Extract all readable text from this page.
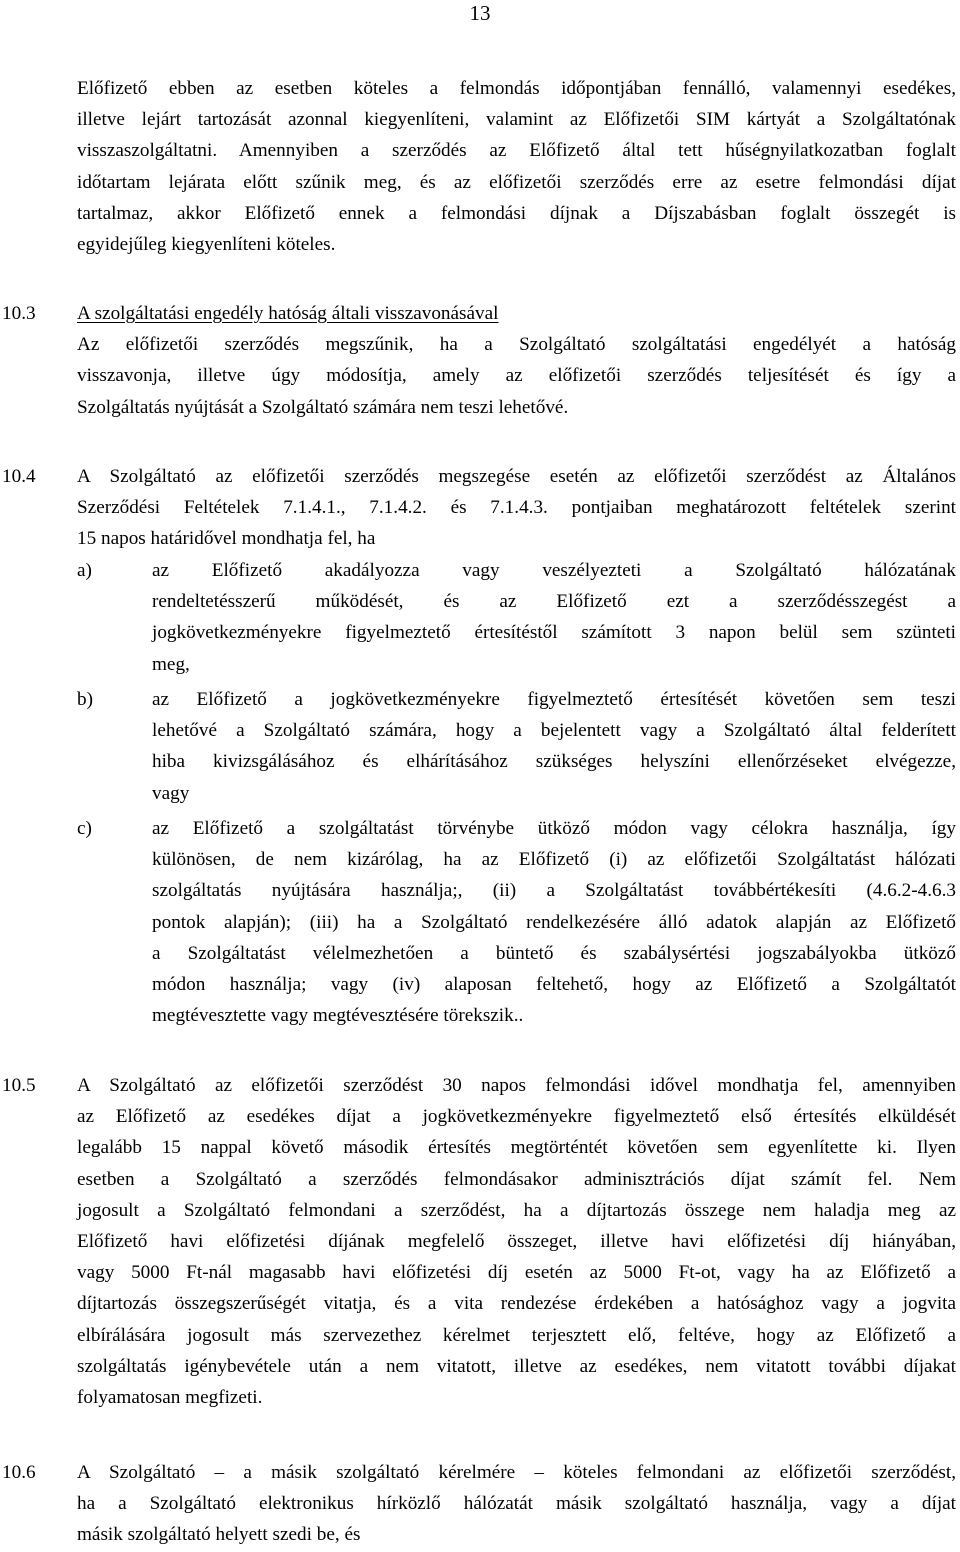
13
Előfizető ebben az esetben köteles a felmondás időpontjában fennálló, valamennyi esedékes,
illetve lejárt tartozását azonnal kiegyenlíteni, valamint az Előfizetői SIM kártyát a Szolgáltatónak
visszaszolgáltatni. Amennyiben a szerződés az Előfizető által tett hűségnyilatkozatban foglalt
időtartam lejárata előtt szűnik meg, és az előfizetői szerződés erre az esetre felmondási díjat
tartalmaz, akkor Előfizető ennek a felmondási díjnak a Díjszabásban foglalt összegét is
egyidejűleg kiegyenlíteni köteles.
10.3 A szolgáltatási engedély hatóság általi visszavonásával
Az előfizetői szerződés megszűnik, ha a Szolgáltató szolgáltatási engedélyét a hatóság
visszavonja, illetve úgy módosítja, amely az előfizetői szerződés teljesítését és így a
Szolgáltatás nyújtását a Szolgáltató számára nem teszi lehetővé.
10.4 A Szolgáltató az előfizetői szerződés megszegése esetén az előfizetői szerződést az Általános
Szerződési Feltételek 7.1.4.1., 7.1.4.2. és 7.1.4.3. pontjaiban meghatározott feltételek szerint
15 napos határidővel mondhatja fel, ha
a)	az Előfizető akadályozza vagy veszélyezteti a Szolgáltató hálózatának
rendeltetésszerű működését, és az Előfizető ezt a szerződésszegést a
jogkövetkezményekre figyelmeztető értesítéstől számított 3 napon belül sem szünteti
meg,
b)	az Előfizető a jogkövetkezményekre figyelmeztető értesítését követően sem teszi
lehetővé a Szolgáltató számára, hogy a bejelentett vagy a Szolgáltató által felderített
hiba kivizsgálásához és elhárításához szükséges helyszíni ellenőrzéseket elvégezze,
vagy
c)	az Előfizető a szolgáltatást törvénybe ütköző módon vagy célokra használja, így
különösen, de nem kizárólag, ha az Előfizető (i) az előfizetői Szolgáltatást hálózati
szolgáltatás nyújtására használja;, (ii) a Szolgáltatást továbbértékesíti (4.6.2-4.6.3
pontok alapján); (iii) ha a Szolgáltató rendelkezésére álló adatok alapján az Előfizető
a Szolgáltatást vélelmezhetően a büntető és szabálysértési jogszabályokba ütköző
módon használja; vagy (iv) alaposan feltehető, hogy az Előfizető a Szolgáltatót
megtévesztette vagy megtévesztésére törekszik..
10.5 A Szolgáltató az előfizetői szerződést 30 napos felmondási idővel mondhatja fel, amennyiben
az Előfizető az esedékes díjat a jogkövetkezményekre figyelmeztető első értesítés elküldését
legalább 15 nappal követő második értesítés megtörténtét követően sem egyenlítette ki. Ilyen
esetben a Szolgáltató a szerződés felmondásakor adminisztrációs díjat számít fel. Nem
jogosult a Szolgáltató felmondani a szerződést, ha a díjtartozás összege nem haladja meg az
Előfizető havi előfizetési díjának megfelelő összeget, illetve havi előfizetési díj hiányában,
vagy 5000 Ft-nál magasabb havi előfizetési díj esetén az 5000 Ft-ot, vagy ha az Előfizető a
díjtartozás összegszerűségét vitatja, és a vita rendezése érdekében a hatósághoz vagy a jogvita
elbírálására jogosult más szervezethez kérelmet terjesztett elő, feltéve, hogy az Előfizető a
szolgáltatás igénybevétele után a nem vitatott, illetve az esedékes, nem vitatott további díjakat
folyamatosan megfizeti.
10.6 A Szolgáltató – a másik szolgáltató kérelmére – köteles felmondani az előfizetői szerződést,
ha a Szolgáltató elektronikus hírközlő hálózatát másik szolgáltató használja, vagy a díjat
másik szolgáltató helyett szedi be, és
